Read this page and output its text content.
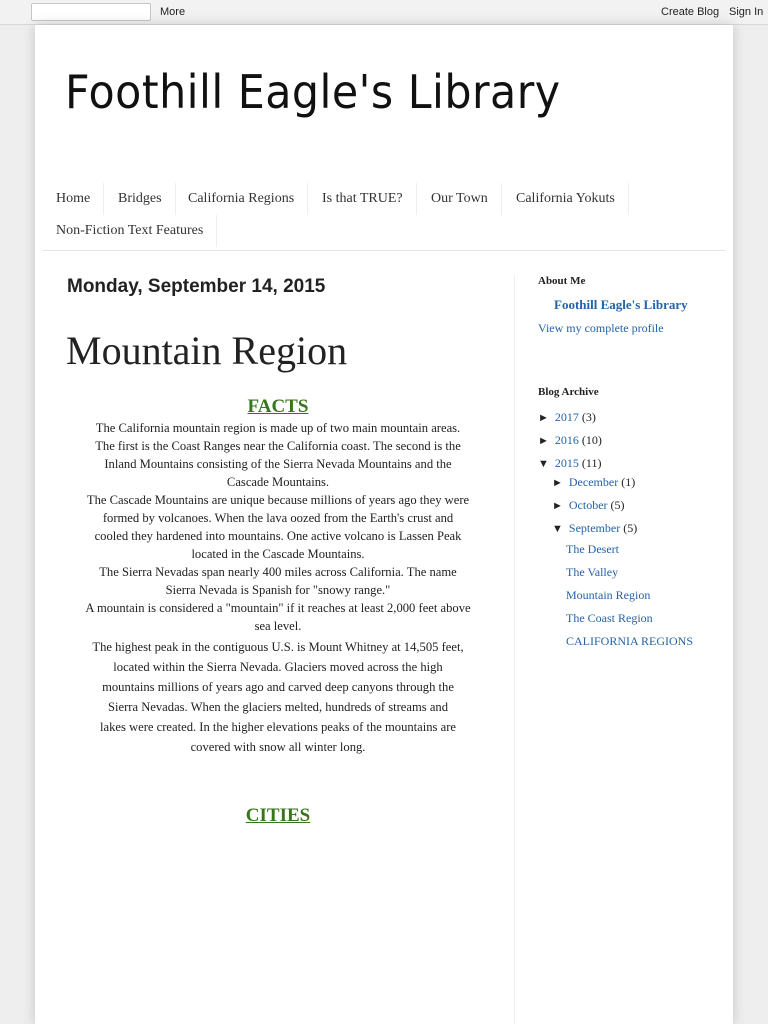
More	Create Blog Sign In
Foothill Eagle's Library
Home	Bridges	California Regions	Is that TRUE?	Our Town	California Yokuts
Non-Fiction Text Features
Monday, September 14, 2015
Mountain Region
FACTS
The California mountain region is made up of two main mountain areas.
The first is the Coast Ranges near the California coast. The second is the
Inland Mountains consisting of the Sierra Nevada Mountains and the
Cascade Mountains.
The Cascade Mountains are unique because millions of years ago they were
formed by volcanoes. When the lava oozed from the Earth's crust and
cooled they hardened into mountains. One active volcano is Lassen Peak
located in the Cascade Mountains.
The Sierra Nevadas span nearly 400 miles across California. The name
Sierra Nevada is Spanish for "snowy range."
A mountain is considered a "mountain" if it reaches at least 2,000 feet above
sea level.
The highest peak in the contiguous U.S. is Mount Whitney at 14,505 feet,
located within the Sierra Nevada. Glaciers moved across the high
mountains millions of years ago and carved deep canyons through the
Sierra Nevadas. When the glaciers melted, hundreds of streams and
lakes were created. In the higher elevations peaks of the mountains are
covered with snow all winter long.
CITIES
About Me
Foothill Eagle's Library
View my complete profile
Blog Archive
► 2017 (3)
► 2016 (10)
▼ 2015 (11)
► December (1)
► October (5)
▼ September (5)
The Desert
The Valley
Mountain Region
The Coast Region
CALIFORNIA REGIONS
